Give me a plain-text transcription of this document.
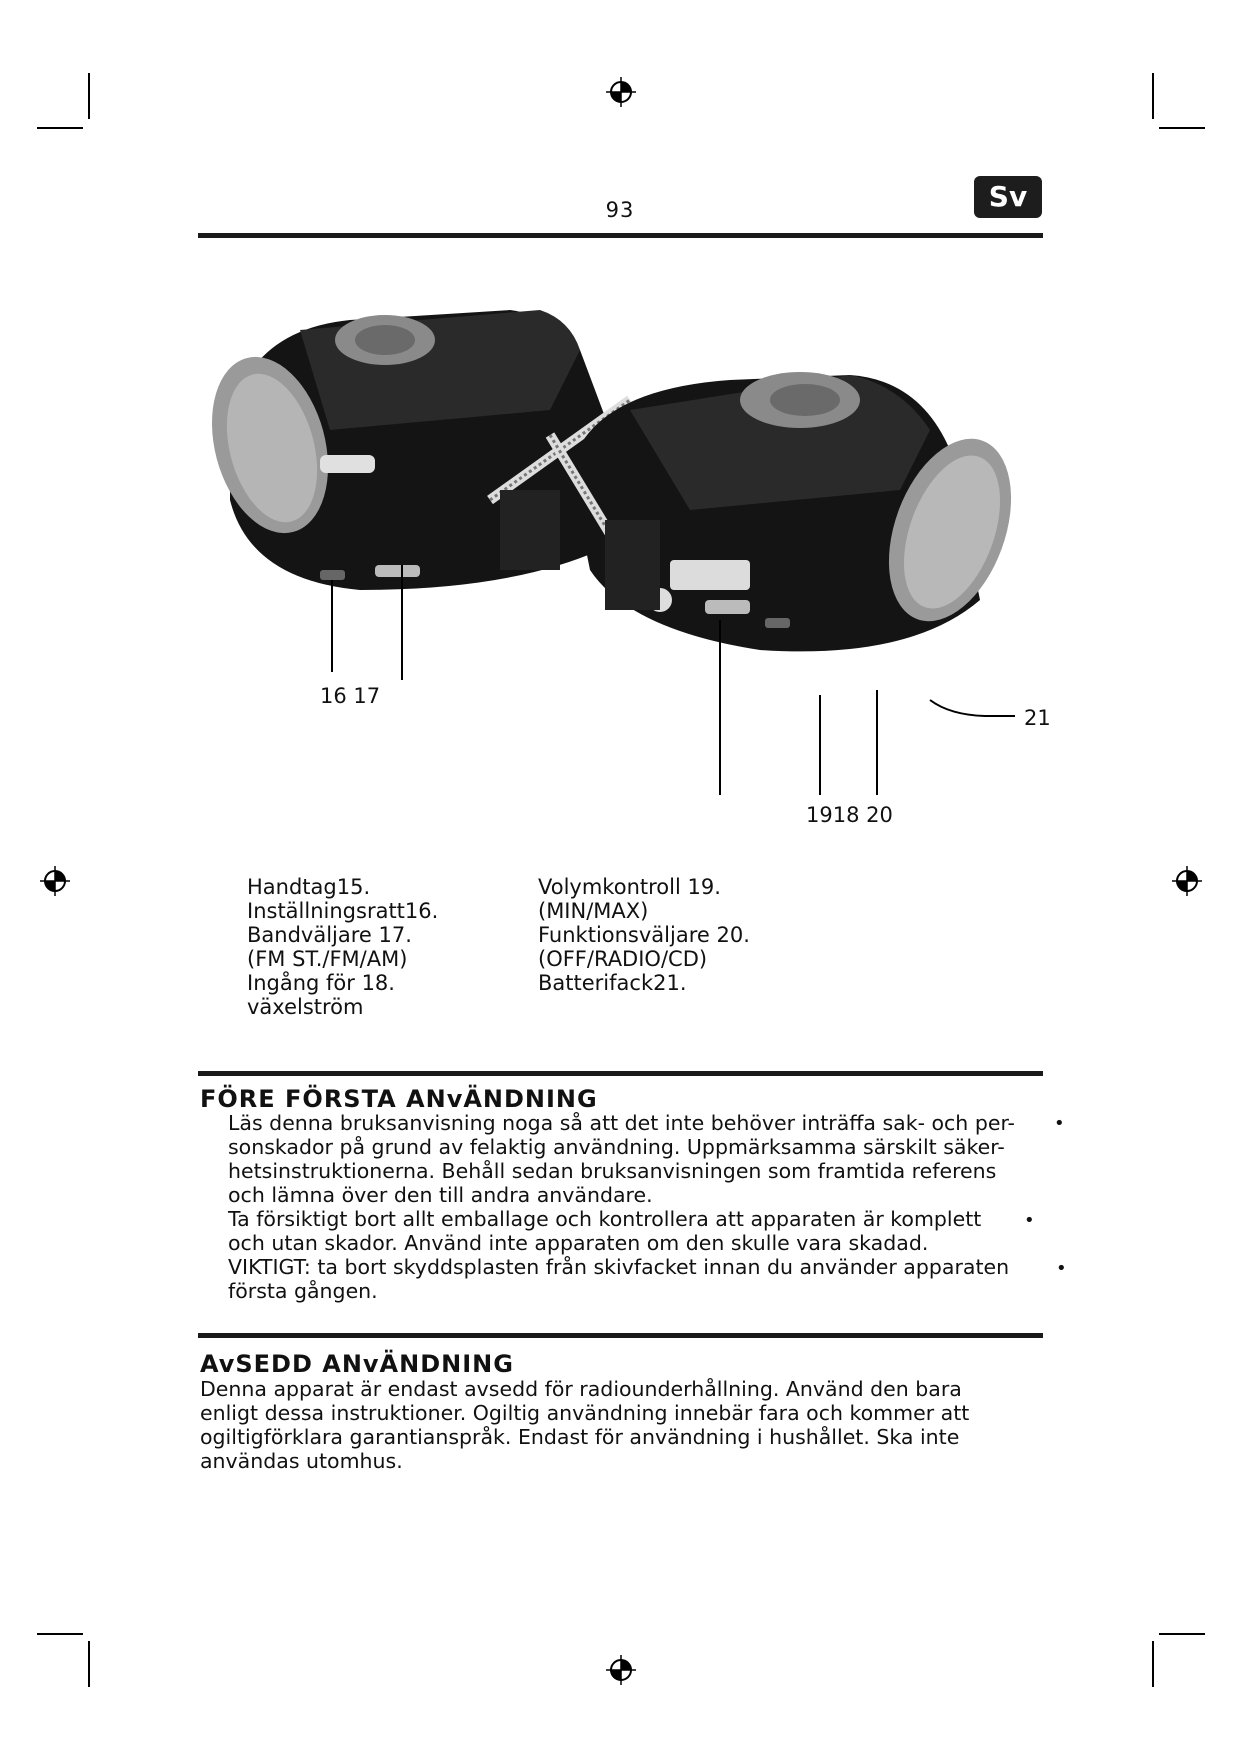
93	Sv
16 17
21
1918 20
Handtag15.
Inställningsratt16.
Bandväljare 17.
(FM ST./FM/AM)
Ingång för 18.
växelström
Volymkontroll 19.
(MIN/MAX)
Funktionsväljare 20.
(OFF/RADIO/CD)
Batterifack21.
FÖRE FÖRSTA ANvÄNDNING
Läs denna bruksanvisning noga så att det inte behöver inträffa sak- och per-
sonskador på grund av felaktig användning. Uppmärksamma särskilt säker-
hetsinstruktionerna. Behåll sedan bruksanvisningen som framtida referens
och lämna över den till andra användare.
Ta försiktigt bort allt emballage och kontrollera att apparaten är komplett
och utan skador. Använd inte apparaten om den skulle vara skadad.
VIKTIGT: ta bort skyddsplasten från skivfacket innan du använder apparaten
första gången.
•
•
•
AvSEDD ANvÄNDNING
Denna apparat är endast avsedd för radiounderhållning. Använd den bara
enligt dessa instruktioner. Ogiltig användning innebär fara och kommer att
ogiltigförklara garantianspråk. Endast för användning i hushållet. Ska inte
användas utomhus.
